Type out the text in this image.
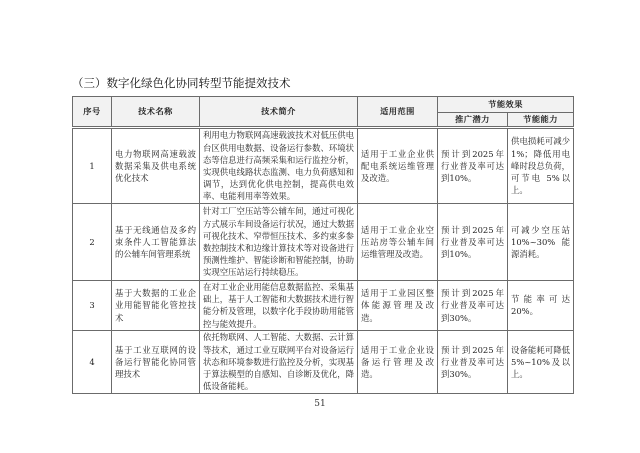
（三）数字化绿色化协同转型节能提效技术
序号	技术名称	技术简介	适用范围	节能效果	
				推广潜力	节能能力
1	电力物联网高速载波数据采集及供电系统优化技术	利用电力物联网高速载波技术对低压供电台区供用电数据、设备运行参数、环境状态等信息进行高频采集和运行监控分析，实现供电线路状态监测、电力负荷感知和调节，达到优化供电控制，提高供电效率、电能利用率等效果。	适用于工业企业供配电系统运维管理及改造。	预计到2025年行业普及率可达到10%。	供电损耗可减少1%；降低用电峰时段总负荷，可节电 5%以上。
2	基于无线通信及多约束条件人工智能算法的公辅车间管理系统	针对工厂空压站等公辅车间，通过可视化方式展示车间设备运行状况，通过大数据可视化技术、窄带恒压技术、多约束多参数控制技术和边缘计算技术等对设备进行预测性维护、智能诊断和智能控制，协助实现空压站运行持续稳压。	适用于工业企业空压站房等公辅车间运维管理及改造。	预计到2025年行业普及率可达到10%。	可减少空压站10%~30%能源消耗。
3	基于大数据的工业企业用能智能化管控技术	在对工业企业用能信息数据监控、采集基础上，基于人工智能和大数据技术进行智能分析及管理，以数字化手段协助用能管控与能效提升。	适用于工业园区整体能源管理及改造。	预计到2025年行业普及率可达到30%。	节能率可达20%。
4	基于工业互联网的设备运行智能化协同管理技术	依托物联网、人工智能、大数据、云计算等技术，通过工业互联网平台对设备运行状态和环境参数进行监控及分析，实现基于算法模型的自感知、自诊断及优化，降低设备能耗。	适用于工业企业设备运行管理及改造。	预计到2025年行业普及率可达到30%。	设备能耗可降低5%~10%及以上。
51
